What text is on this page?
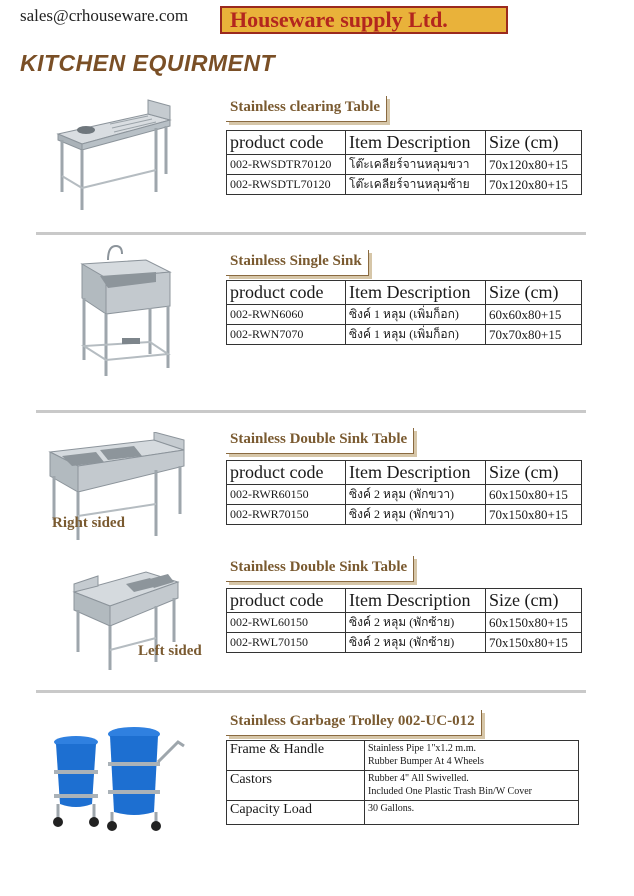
sales@crhouseware.com	Houseware supply Ltd.
KITCHEN EQUIRMENT
Stainless clearing Table
product code	Item Description	Size (cm)
002-RWSDTR70120	โต๊ะเคลียร์จานหลุมขวา	70x120x80+15
002-RWSDTL70120	โต๊ะเคลียร์จานหลุมซ้าย	70x120x80+15
Stainless Single Sink
product code	Item Description	Size (cm)
002-RWN6060	ซิงค์ 1 หลุม (เพิ่มก็อก)	60x60x80+15
002-RWN7070	ซิงค์ 1 หลุม (เพิ่มก็อก)	70x70x80+15
Right sided
Stainless Double Sink Table
product code	Item Description	Size (cm)
002-RWR60150	ซิงค์ 2 หลุม (พักขวา)	60x150x80+15
002-RWR70150	ซิงค์ 2 หลุม (พักขวา)	70x150x80+15
Left sided
Stainless Double Sink Table
product code	Item Description	Size (cm)
002-RWL60150	ซิงค์ 2 หลุม (พักซ้าย)	60x150x80+15
002-RWL70150	ซิงค์ 2 หลุม (พักซ้าย)	70x150x80+15
Stainless Garbage Trolley 002-UC-012
Frame & Handle	Stainless Pipe 1"x1.2 m.m.
Rubber Bumper At 4 Wheels

Castors	Rubber 4" All Swivelled.
Included One Plastic Trash Bin/W Cover

Capacity Load	30 Gallons.
